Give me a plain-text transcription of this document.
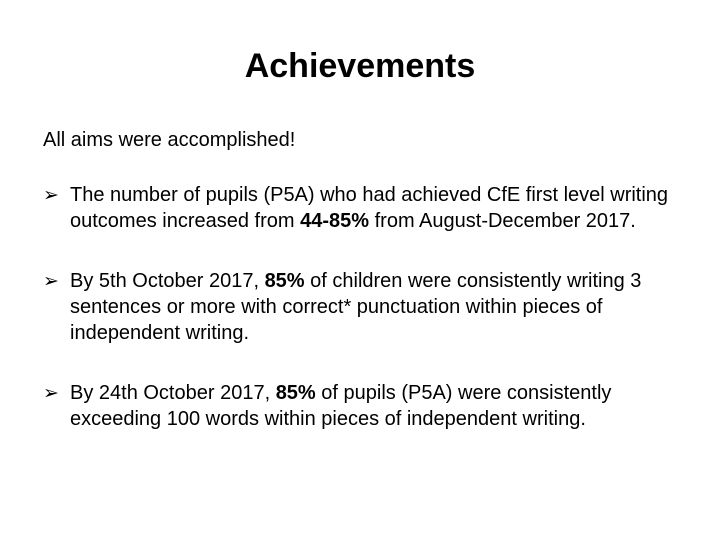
Achievements

All aims were accomplished!

➢ The number of pupils (P5A) who had achieved CfE first level writing outcomes increased from 44-85% from August-December 2017.
➢ By 5th October 2017, 85% of children were consistently writing 3 sentences or more with correct* punctuation within pieces of independent writing.
➢ By 24th October 2017, 85% of pupils (P5A) were consistently exceeding 100 words within pieces of independent writing.
